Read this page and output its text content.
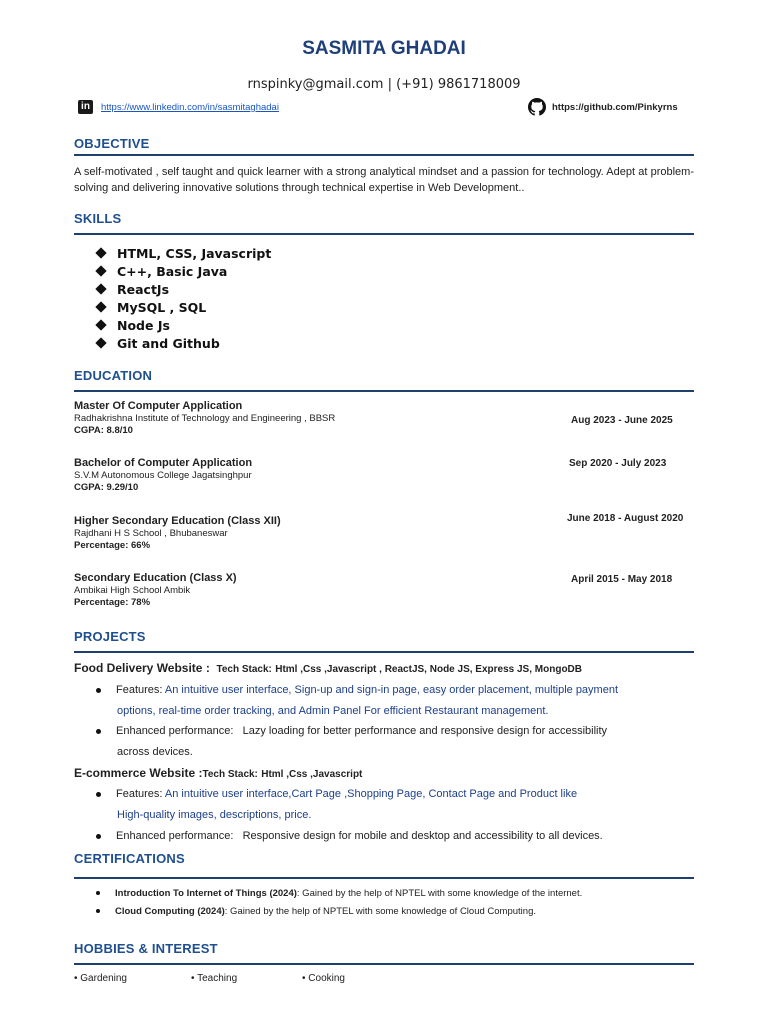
SASMITA GHADAI
rnspinky@gmail.com | (+91) 9861718009
in	https://www.linkedin.com/in/sasmitaghadai	https://github.com/Pinkyrns
OBJECTIVE
A self-motivated , self taught and quick learner with a strong analytical mindset and a passion for technology. Adept at problem-solving and delivering innovative solutions through technical expertise in Web Development..
SKILLS
HTML, CSS, Javascript
C++, Basic Java
ReactJs
MySQL , SQL
Node Js
Git and Github
EDUCATION
Master Of Computer Application
Radhakrishna Institute of Technology and Engineering , BBSR
CGPA: 8.8/10
Aug 2023 - June 2025
Bachelor of Computer Application
S.V.M Autonomous College Jagatsinghpur
CGPA: 9.29/10
Sep 2020 - July 2023
Higher Secondary Education (Class XII)
Rajdhani H S School , Bhubaneswar
Percentage: 66%
June 2018 - August 2020
Secondary Education (Class X)
Ambikai High School Ambik
Percentage: 78%
April 2015 - May 2018
PROJECTS
Food Delivery Website : Tech Stack: Html ,Css ,Javascript , ReactJS, Node JS, Express JS, MongoDB
Features: An intuitive user interface, Sign-up and sign-in page, easy order placement, multiple payment
options, real-time order tracking, and Admin Panel For efficient Restaurant management.
Enhanced performance: Lazy loading for better performance and responsive design for accessibility
across devices.
E-commerce Website :Tech Stack: Html ,Css ,Javascript
Features: An intuitive user interface,Cart Page ,Shopping Page, Contact Page and Product like
High-quality images, descriptions, price.
Enhanced performance: Responsive design for mobile and desktop and accessibility to all devices.
CERTIFICATIONS
Introduction To Internet of Things (2024): Gained by the help of NPTEL with some knowledge of the internet.
Cloud Computing (2024): Gained by the help of NPTEL with some knowledge of Cloud Computing.
HOBBIES & INTEREST
• Gardening	• Teaching	• Cooking
